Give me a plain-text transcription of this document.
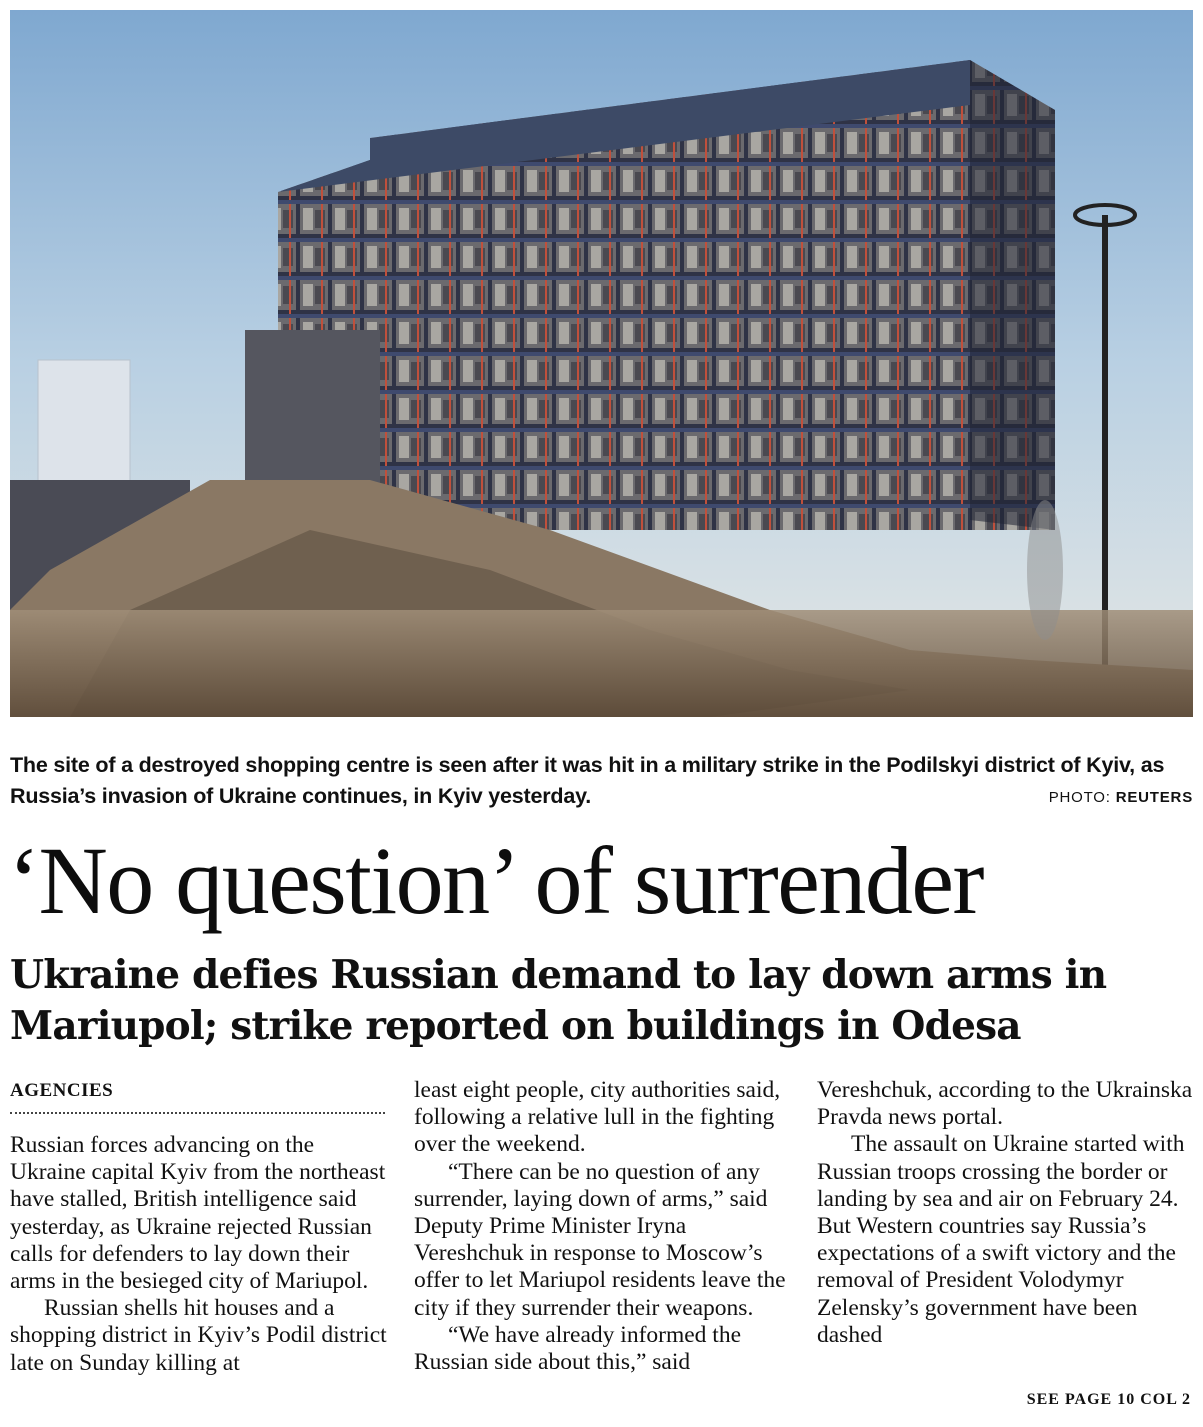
The site of a destroyed shopping centre is seen after it was hit in a military strike in the Podilskyi district of Kyiv, as Russia’s invasion of Ukraine continues, in Kyiv yesterday.	PHOTO: REUTERS
‘No question’ of surrender
Ukraine defies Russian demand to lay down arms in Mariupol; strike reported on buildings in Odesa
AGENCIES

Russian forces advancing on the Ukraine capital Kyiv from the northeast have stalled, British intelligence said yesterday, as Ukraine rejected Russian calls for defenders to lay down their arms in the besieged city of Mariupol.

Russian shells hit houses and a shopping district in Kyiv’s Podil district late on Sunday killing at

least eight people, city authorities said, following a relative lull in the fighting over the weekend.

“There can be no question of any surrender, laying down of arms,” said Deputy Prime Minister Iryna Vereshchuk in response to Moscow’s offer to let Mariupol residents leave the city if they surrender their weapons.

“We have already informed the Russian side about this,” said

Vereshchuk, according to the Ukrainska Pravda news portal.

The assault on Ukraine started with Russian troops crossing the border or landing by sea and air on February 24. But Western countries say Russia’s expectations of a swift victory and the removal of President Volodymyr Zelensky’s government have been dashed

SEE PAGE 10 COL 2
